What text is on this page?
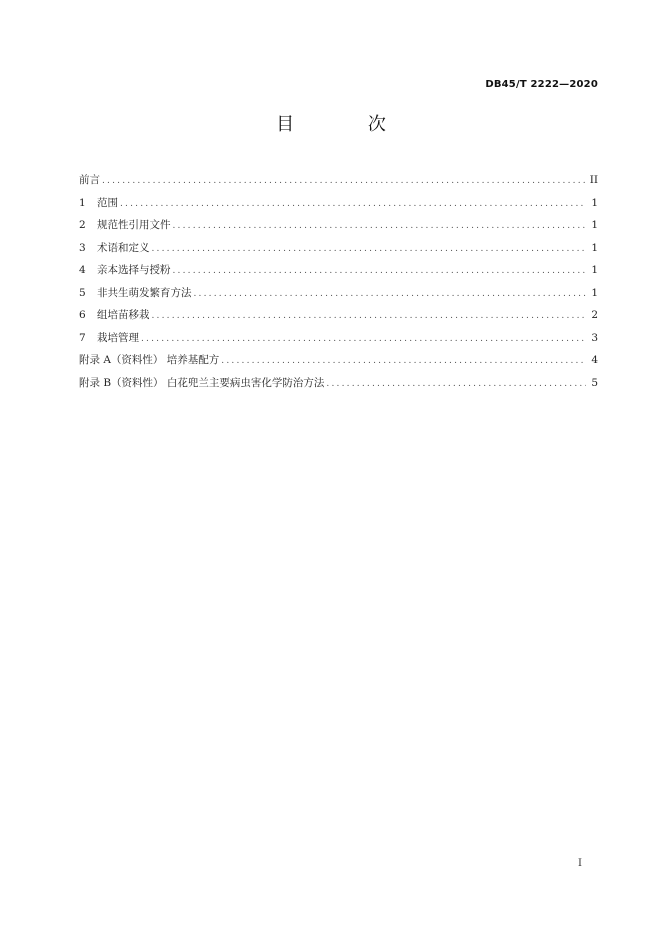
DB45/T 2222—2020
目 次
前言 .....	II
1	范围 .....	1
2	规范性引用文件 .....	1
3	术语和定义 .....	1
4	亲本选择与授粉 .....	1
5	非共生萌发繁育方法 .....	1
6	组培苗移栽 .....	2
7	栽培管理 .....	3
附录 A（资料性） 培养基配方 .....	4
附录 B（资料性） 白花兜兰主要病虫害化学防治方法 .....	5
I
